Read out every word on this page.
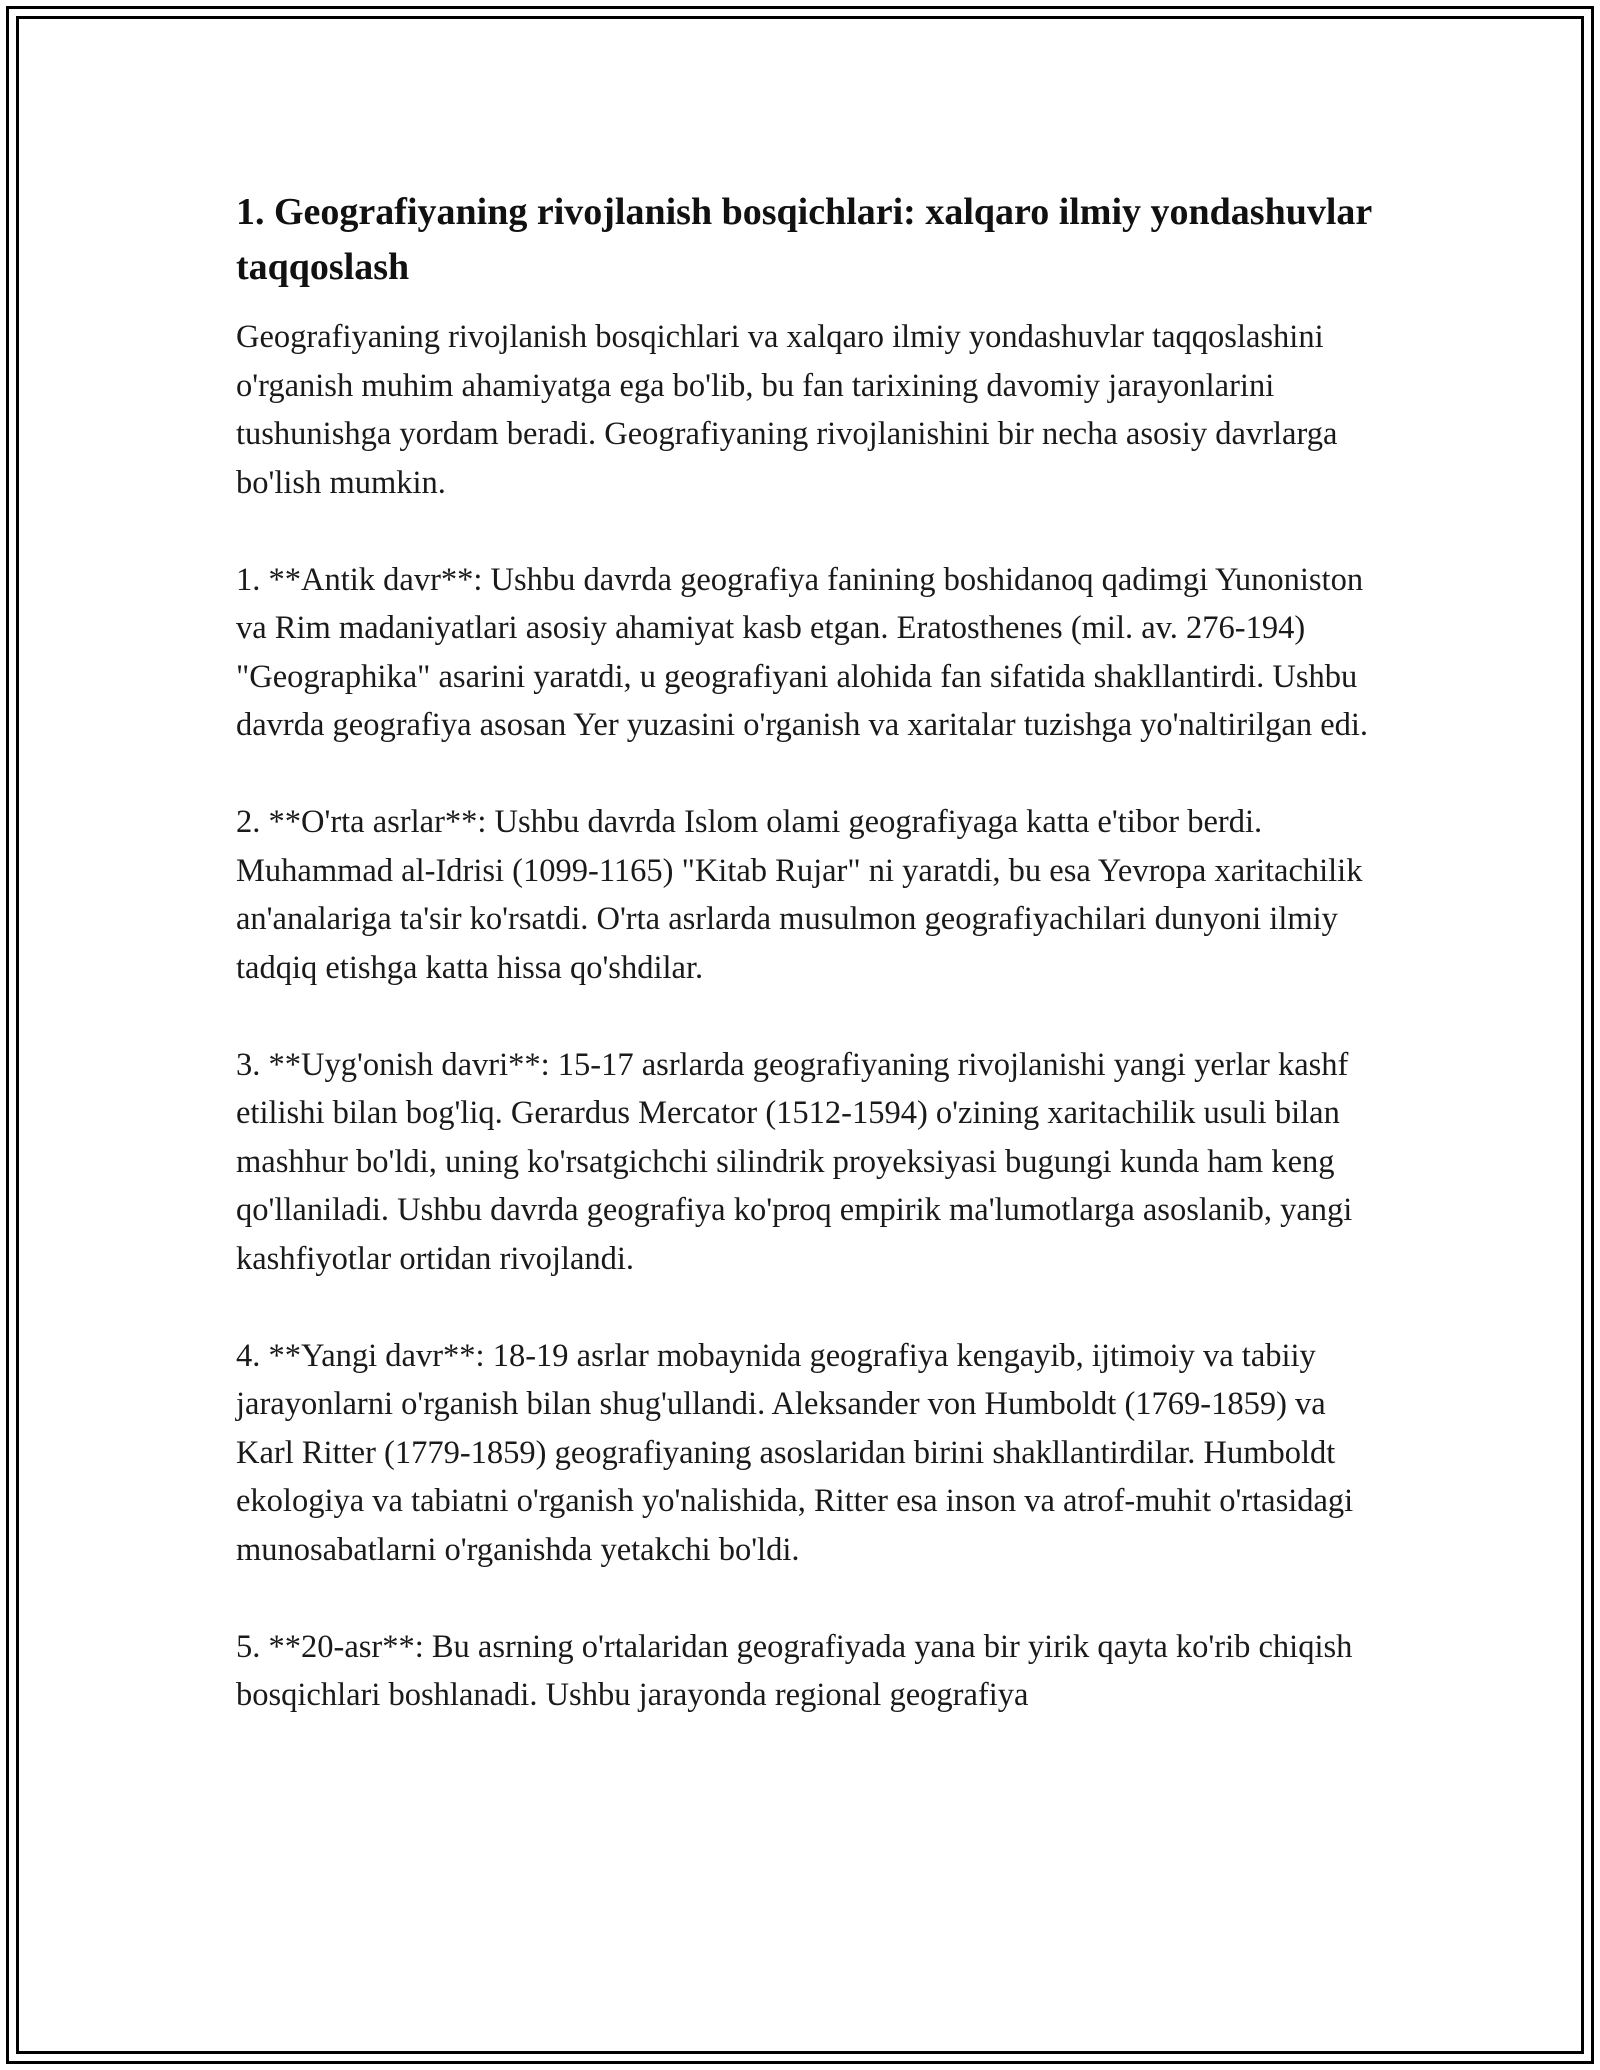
1. Geografiyaning rivojlanish bosqichlari: xalqaro ilmiy yondashuvlar taqqoslash

Geografiyaning rivojlanish bosqichlari va xalqaro ilmiy yondashuvlar taqqoslashini o'rganish muhim ahamiyatga ega bo'lib, bu fan tarixining davomiy jarayonlarini tushunishga yordam beradi. Geografiyaning rivojlanishini bir necha asosiy davrlarga bo'lish mumkin.

1. **Antik davr**: Ushbu davrda geografiya fanining boshidanoq qadimgi Yunoniston va Rim madaniyatlari asosiy ahamiyat kasb etgan. Eratosthenes (mil. av. 276-194) "Geographika" asarini yaratdi, u geografiyani alohida fan sifatida shakllantirdi. Ushbu davrda geografiya asosan Yer yuzasini o'rganish va xaritalar tuzishga yo'naltirilgan edi.

2. **O'rta asrlar**: Ushbu davrda Islom olami geografiyaga katta e'tibor berdi. Muhammad al-Idrisi (1099-1165) "Kitab Rujar" ni yaratdi, bu esa Yevropa xaritachilik an'analariga ta'sir ko'rsatdi. O'rta asrlarda musulmon geografiyachilari dunyoni ilmiy tadqiq etishga katta hissa qo'shdilar.

3. **Uyg'onish davri**: 15-17 asrlarda geografiyaning rivojlanishi yangi yerlar kashf etilishi bilan bog'liq. Gerardus Mercator (1512-1594) o'zining xaritachilik usuli bilan mashhur bo'ldi, uning ko'rsatgichchi silindrik proyeksiyasi bugungi kunda ham keng qo'llaniladi. Ushbu davrda geografiya ko'proq empirik ma'lumotlarga asoslanib, yangi kashfiyotlar ortidan rivojlandi.

4. **Yangi davr**: 18-19 asrlar mobaynida geografiya kengayib, ijtimoiy va tabiiy jarayonlarni o'rganish bilan shug'ullandi. Aleksander von Humboldt (1769-1859) va Karl Ritter (1779-1859) geografiyaning asoslaridan birini shakllantirdilar. Humboldt ekologiya va tabiatni o'rganish yo'nalishida, Ritter esa inson va atrof-muhit o'rtasidagi munosabatlarni o'rganishda yetakchi bo'ldi.

5. **20-asr**: Bu asrning o'rtalaridan geografiyada yana bir yirik qayta ko'rib chiqish bosqichlari boshlanadi. Ushbu jarayonda regional geografiya
